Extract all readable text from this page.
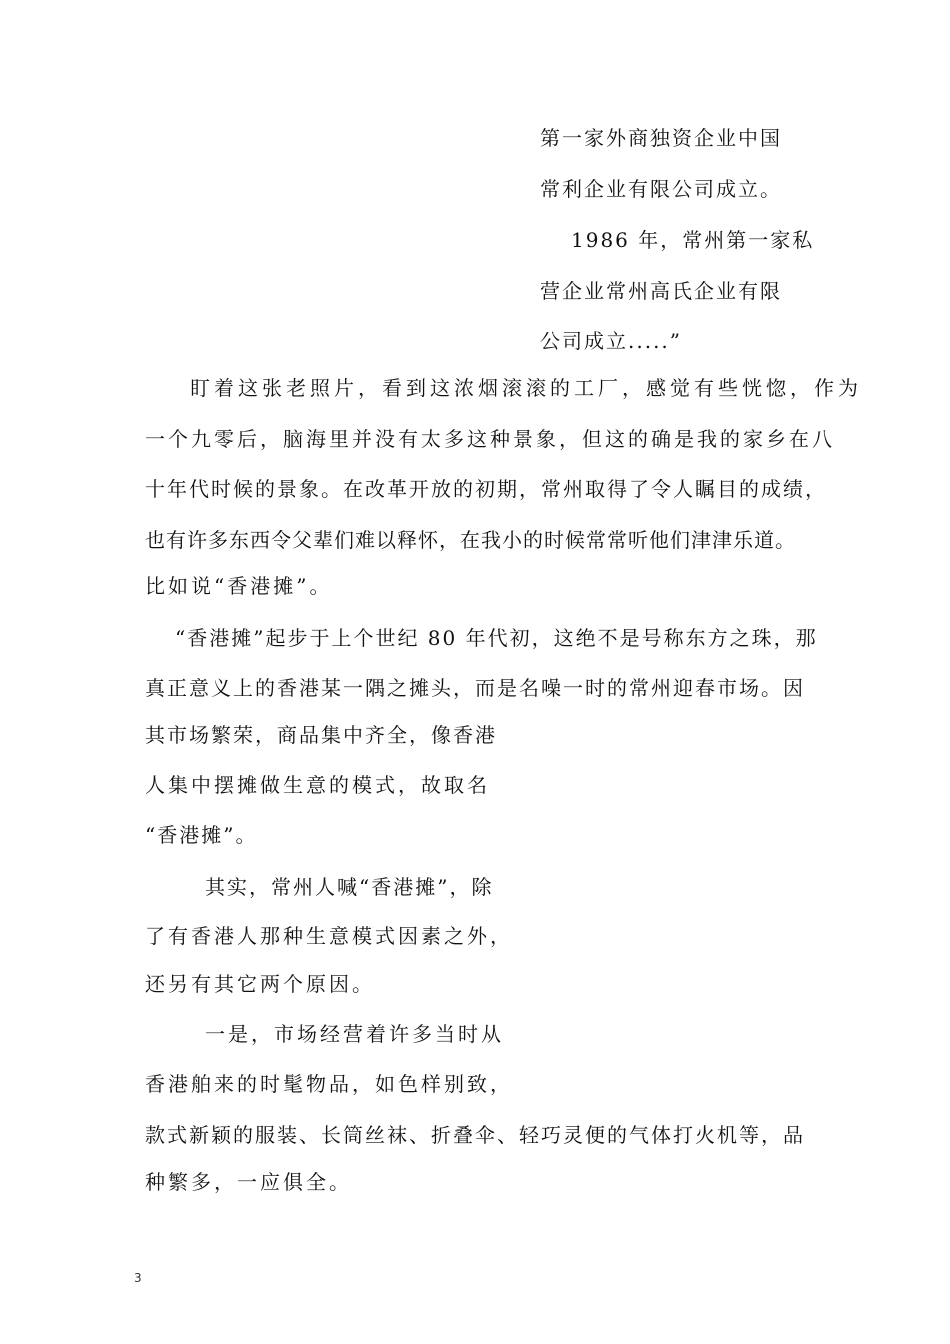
第一家外商独资企业中国
常利企业有限公司成立。
1986 年，常州第一家私
营企业常州高氏企业有限
公司成立.....”
盯着这张老照片，看到这浓烟滚滚的工厂，感觉有些恍惚，作为
一个九零后，脑海里并没有太多这种景象，但这的确是我的家乡在八
十年代时候的景象。在改革开放的初期，常州取得了令人瞩目的成绩，
也有许多东西令父辈们难以释怀，在我小的时候常常听他们津津乐道。
比如说“香港摊”。
“香港摊”起步于上个世纪 80 年代初，这绝不是号称东方之珠，那
真正意义上的香港某一隅之摊头，而是名噪一时的常州迎春市场。因
其市场繁荣，商品集中齐全，像香港
人集中摆摊做生意的模式，故取名
“香港摊”。
其实，常州人喊“香港摊”，除
了有香港人那种生意模式因素之外，
还另有其它两个原因。
一是，市场经营着许多当时从
香港舶来的时髦物品，如色样别致，
款式新颖的服装、长筒丝袜、折叠伞、轻巧灵便的气体打火机等，品
种繁多，一应俱全。
3
